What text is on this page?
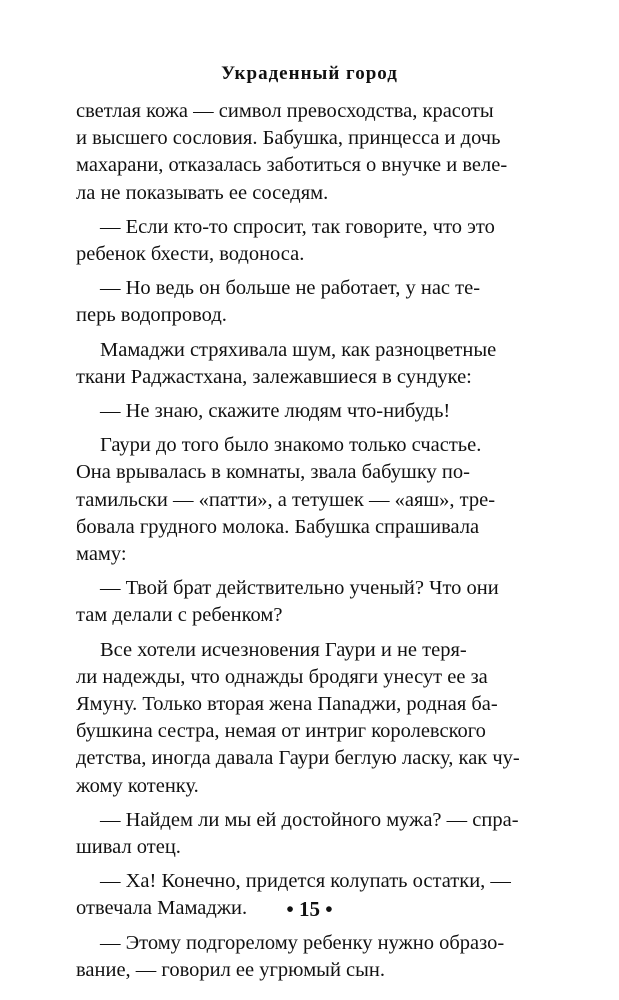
Украденный город

светлая кожа — символ превосходства, красоты
и высшего сословия. Бабушка, принцесса и дочь
махарани, отказалась заботиться о внучке и веле-
ла не показывать ее соседям.

— Если кто-то спросит, так говорите, что это
ребенок бхести, водоноса.

— Но ведь он больше не работает, у нас те-
перь водопровод.

Мамаджи стряхивала шум, как разноцветные
ткани Раджастхана, залежавшиеся в сундуке:

— Не знаю, скажите людям что-нибудь!

Гаури до того было знакомо только счастье.
Она врывалась в комнаты, звала бабушку по-
тамильски — «патти», а тетушек — «аяш», тре-
бовала грудного молока. Бабушка спрашивала
маму:

— Твой брат действительно ученый? Что они
там делали с ребенком?

Все хотели исчезновения Гаури и не теря-
ли надежды, что однажды бродяги унесут ее за
Ямуну. Только вторая жена Паnаджи, родная ба-
бушкина сестра, немая от интриг королевского
детства, иногда давала Гаури беглую ласку, как чу-
жому котенку.

— Найдем ли мы ей достойного мужа? — спра-
шивал отец.

— Ха! Конечно, придется колупать остатки, —
отвечала Мамаджи.

— Этому подгорелому ребенку нужно образо-
вание, — говорил ее угрюмый сын.

• 15 •
